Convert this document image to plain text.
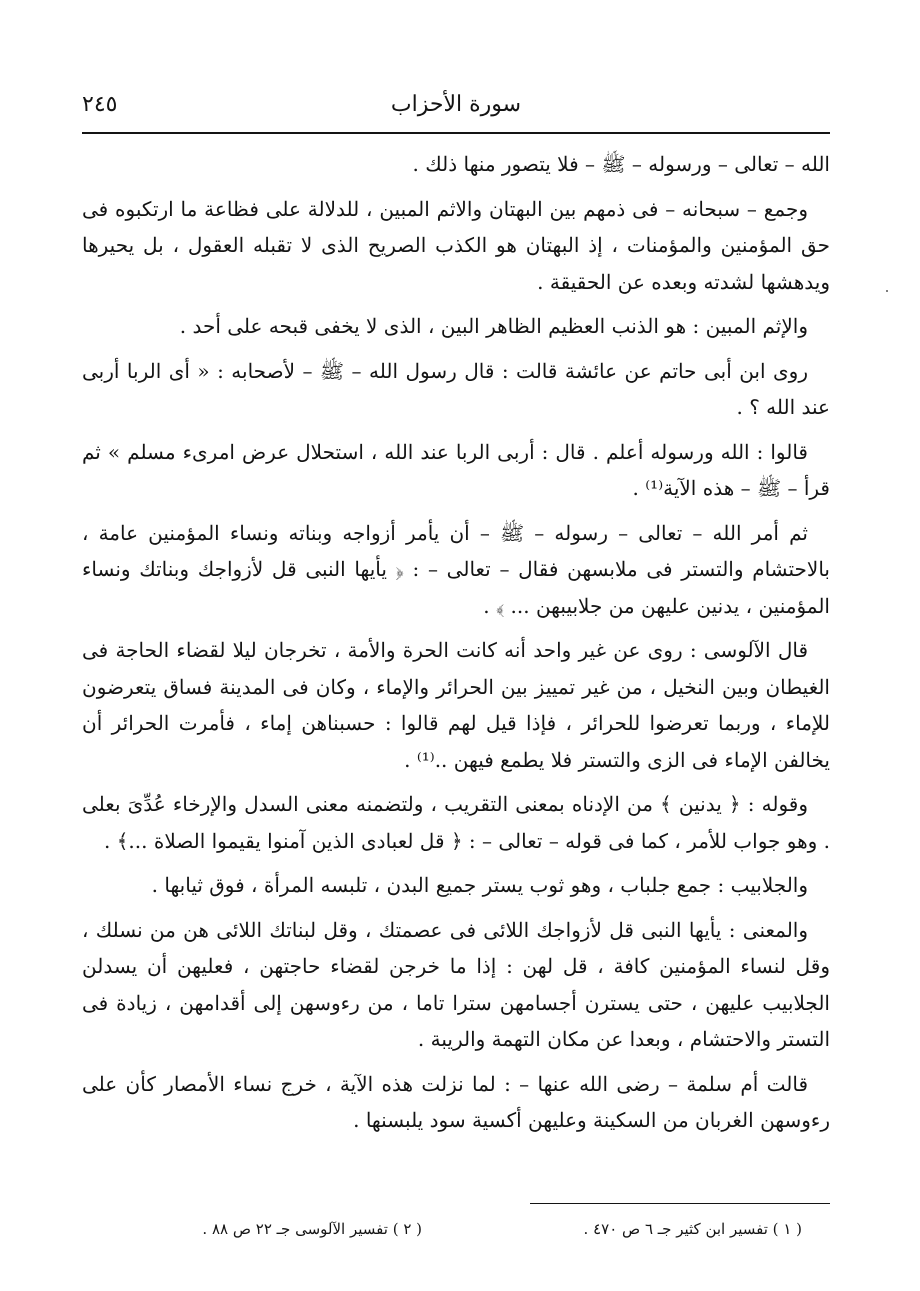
سورة الأحزاب
٢٤٥

الله – تعالى – ورسوله – ﷺ – فلا يتصور منها ذلك .

وجمع – سبحانه – فى ذمهم بين البهتان والاثم المبين ، للدلالة على فظاعة ما ارتكبوه فى حق المؤمنين والمؤمنات ، إذ البهتان هو الكذب الصريح الذى لا تقبله العقول ، بل يحيرها ويدهشها لشدته وبعده عن الحقيقة .

والإثم المبين : هو الذنب العظيم الظاهر البين ، الذى لا يخفى قبحه على أحد .

روى ابن أبى حاتم عن عائشة قالت : قال رسول الله – ﷺ – لأصحابه : « أى الربا أربى عند الله ؟ .

قالوا : الله ورسوله أعلم . قال : أربى الربا عند الله ، استحلال عرض امرىء مسلم » ثم قرأ – ﷺ – هذه الآية⁽¹⁾ .

ثم أمر الله – تعالى – رسوله – ﷺ – أن يأمر أزواجه وبناته ونساء المؤمنين عامة ، بالاحتشام والتستر فى ملابسهن فقال – تعالى – : ﴿ يأيها النبى قل لأزواجك وبناتك ونساء المؤمنين ، يدنين عليهن من جلابيبهن ... ﴾ .

قال الآلوسى : روى عن غير واحد أنه كانت الحرة والأمة ، تخرجان ليلا لقضاء الحاجة فى الغيطان وبين النخيل ، من غير تمييز بين الحرائر والإماء ، وكان فى المدينة فساق يتعرضون للإماء ، وربما تعرضوا للحرائر ، فإذا قيل لهم قالوا : حسبناهن إماء ، فأمرت الحرائر أن يخالفن الإماء فى الزى والتستر فلا يطمع فيهن ..⁽¹⁾ .

وقوله : ﴿ يدنين ﴾ من الإدناه بمعنى التقريب ، ولتضمنه معنى السدل والإرخاء عُدِّىَ بعلى . وهو جواب للأمر ، كما فى قوله – تعالى – : ﴿ قل لعبادى الذين آمنوا يقيموا الصلاة ...﴾ .

والجلابيب : جمع جلباب ، وهو ثوب يستر جميع البدن ، تلبسه المرأة ، فوق ثيابها .

والمعنى : يأيها النبى قل لأزواجك اللائى فى عصمتك ، وقل لبناتك اللائى هن من نسلك ، وقل لنساء المؤمنين كافة ، قل لهن : إذا ما خرجن لقضاء حاجتهن ، فعليهن أن يسدلن الجلابيب عليهن ، حتى يسترن أجسامهن سترا تاما ، من رءوسهن إلى أقدامهن ، زيادة فى التستر والاحتشام ، وبعدا عن مكان التهمة والريبة .

قالت أم سلمة – رضى الله عنها – : لما نزلت هذه الآية ، خرج نساء الأمصار كأن على رءوسهن الغربان من السكينة وعليهن أكسية سود يلبسنها .

( ١ ) تفسير ابن كثير جـ ٦ ص ٤٧٠ .
( ٢ ) تفسير الآلوسى جـ ٢٢ ص ٨٨ .
